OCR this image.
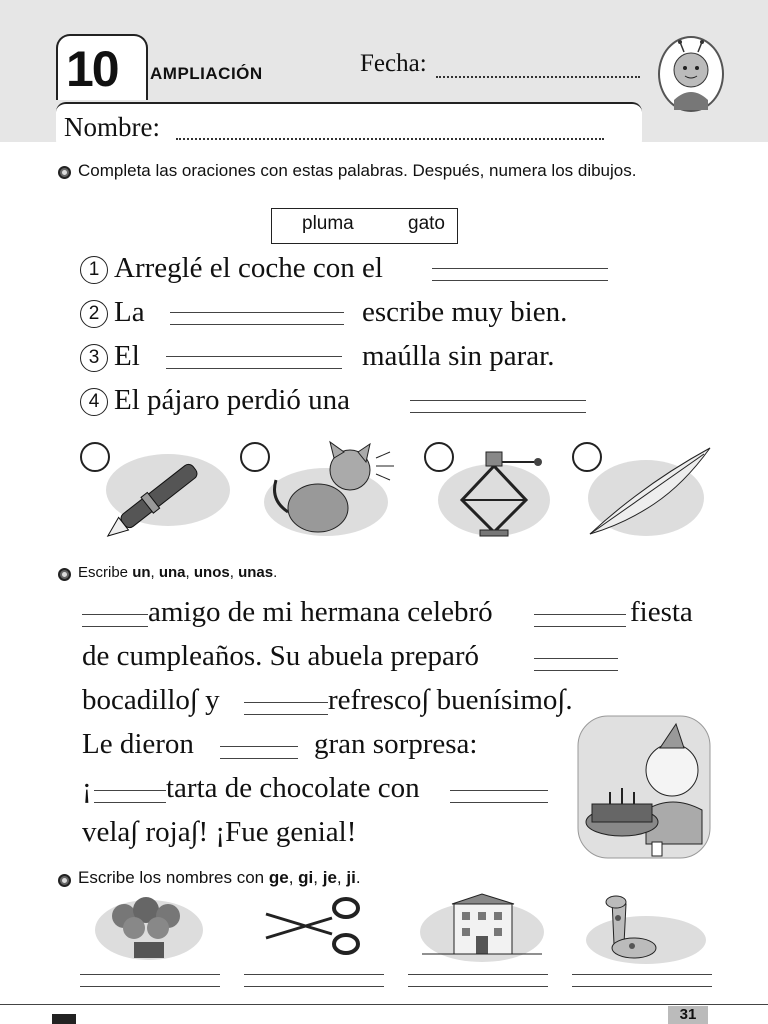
10 AMPLIACIÓN	Fecha:
Nombre:
Completa las oraciones con estas palabras. Después, numera los dibujos.
pluma	gato
1 Arreglé el coche con el
2 La	escribe muy bien.
3 El	maúlla sin parar.
4 El pájaro perdió una
Escribe un, una, unos, unas.
amigo de mi hermana celebró	fiesta
de cumpleaños. Su abuela preparó
bocadillo∫ y	refresco∫ buenísimo∫.
Le dieron	gran sorpresa:
¡	tarta de chocolate con
vela∫ roja∫! ¡Fue genial!
Escribe los nombres con ge, gi, je, ji.
31
